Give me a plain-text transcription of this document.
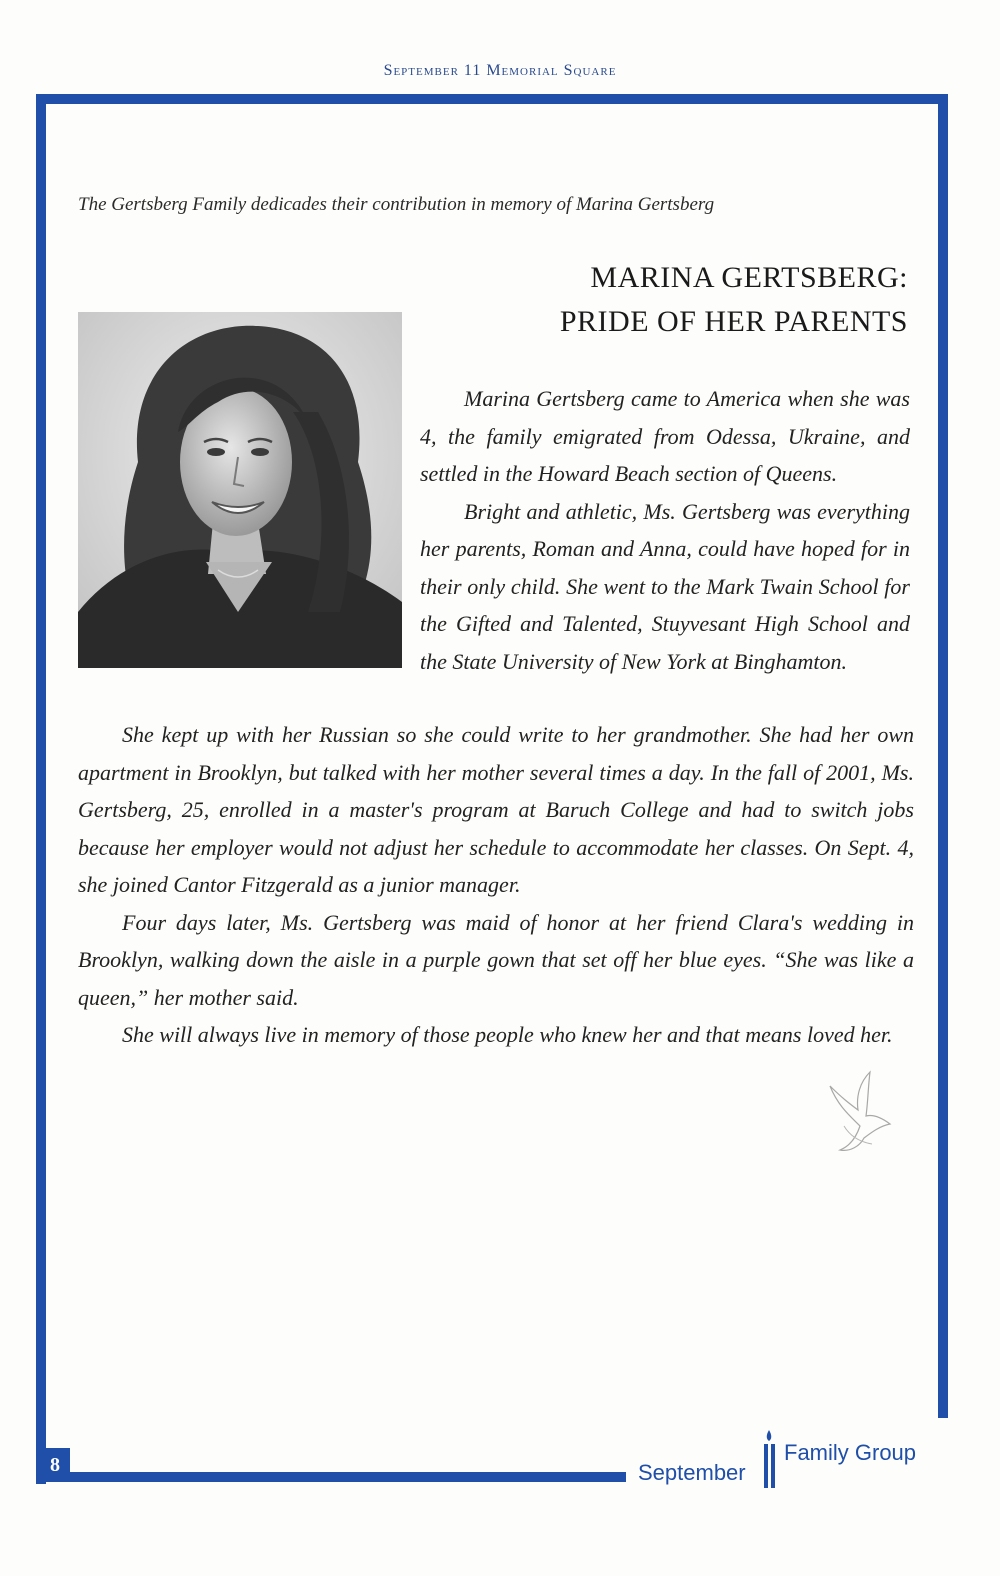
September 11 Memorial Square
8
The Gertsberg Family dedicades their contribution in memory of Marina Gertsberg
MARINA GERTSBERG:
PRIDE OF HER PARENTS

Marina Gertsberg came to America when she was 4, the family emigrated from Odessa, Ukraine, and settled in the Howard Beach section of Queens.

Bright and athletic, Ms. Gertsberg was everything her parents, Roman and Anna, could have hoped for in their only child. She went to the Mark Twain School for the Gifted and Talented, Stuyvesant High School and the State University of New York at Binghamton.

She kept up with her Russian so she could write to her grandmother. She had her own apartment in Brooklyn, but talked with her mother several times a day. In the fall of 2001, Ms. Gertsberg, 25, enrolled in a master's program at Baruch College and had to switch jobs because her employer would not adjust her schedule to accommodate her classes. On Sept. 4, she joined Cantor Fitzgerald as a junior manager.

Four days later, Ms. Gertsberg was maid of honor at her friend Clara's wedding in Brooklyn, walking down the aisle in a purple gown that set off her blue eyes. “She was like a queen,” her mother said.

She will always live in memory of those people who knew her and that means loved her.

September
Family Group
